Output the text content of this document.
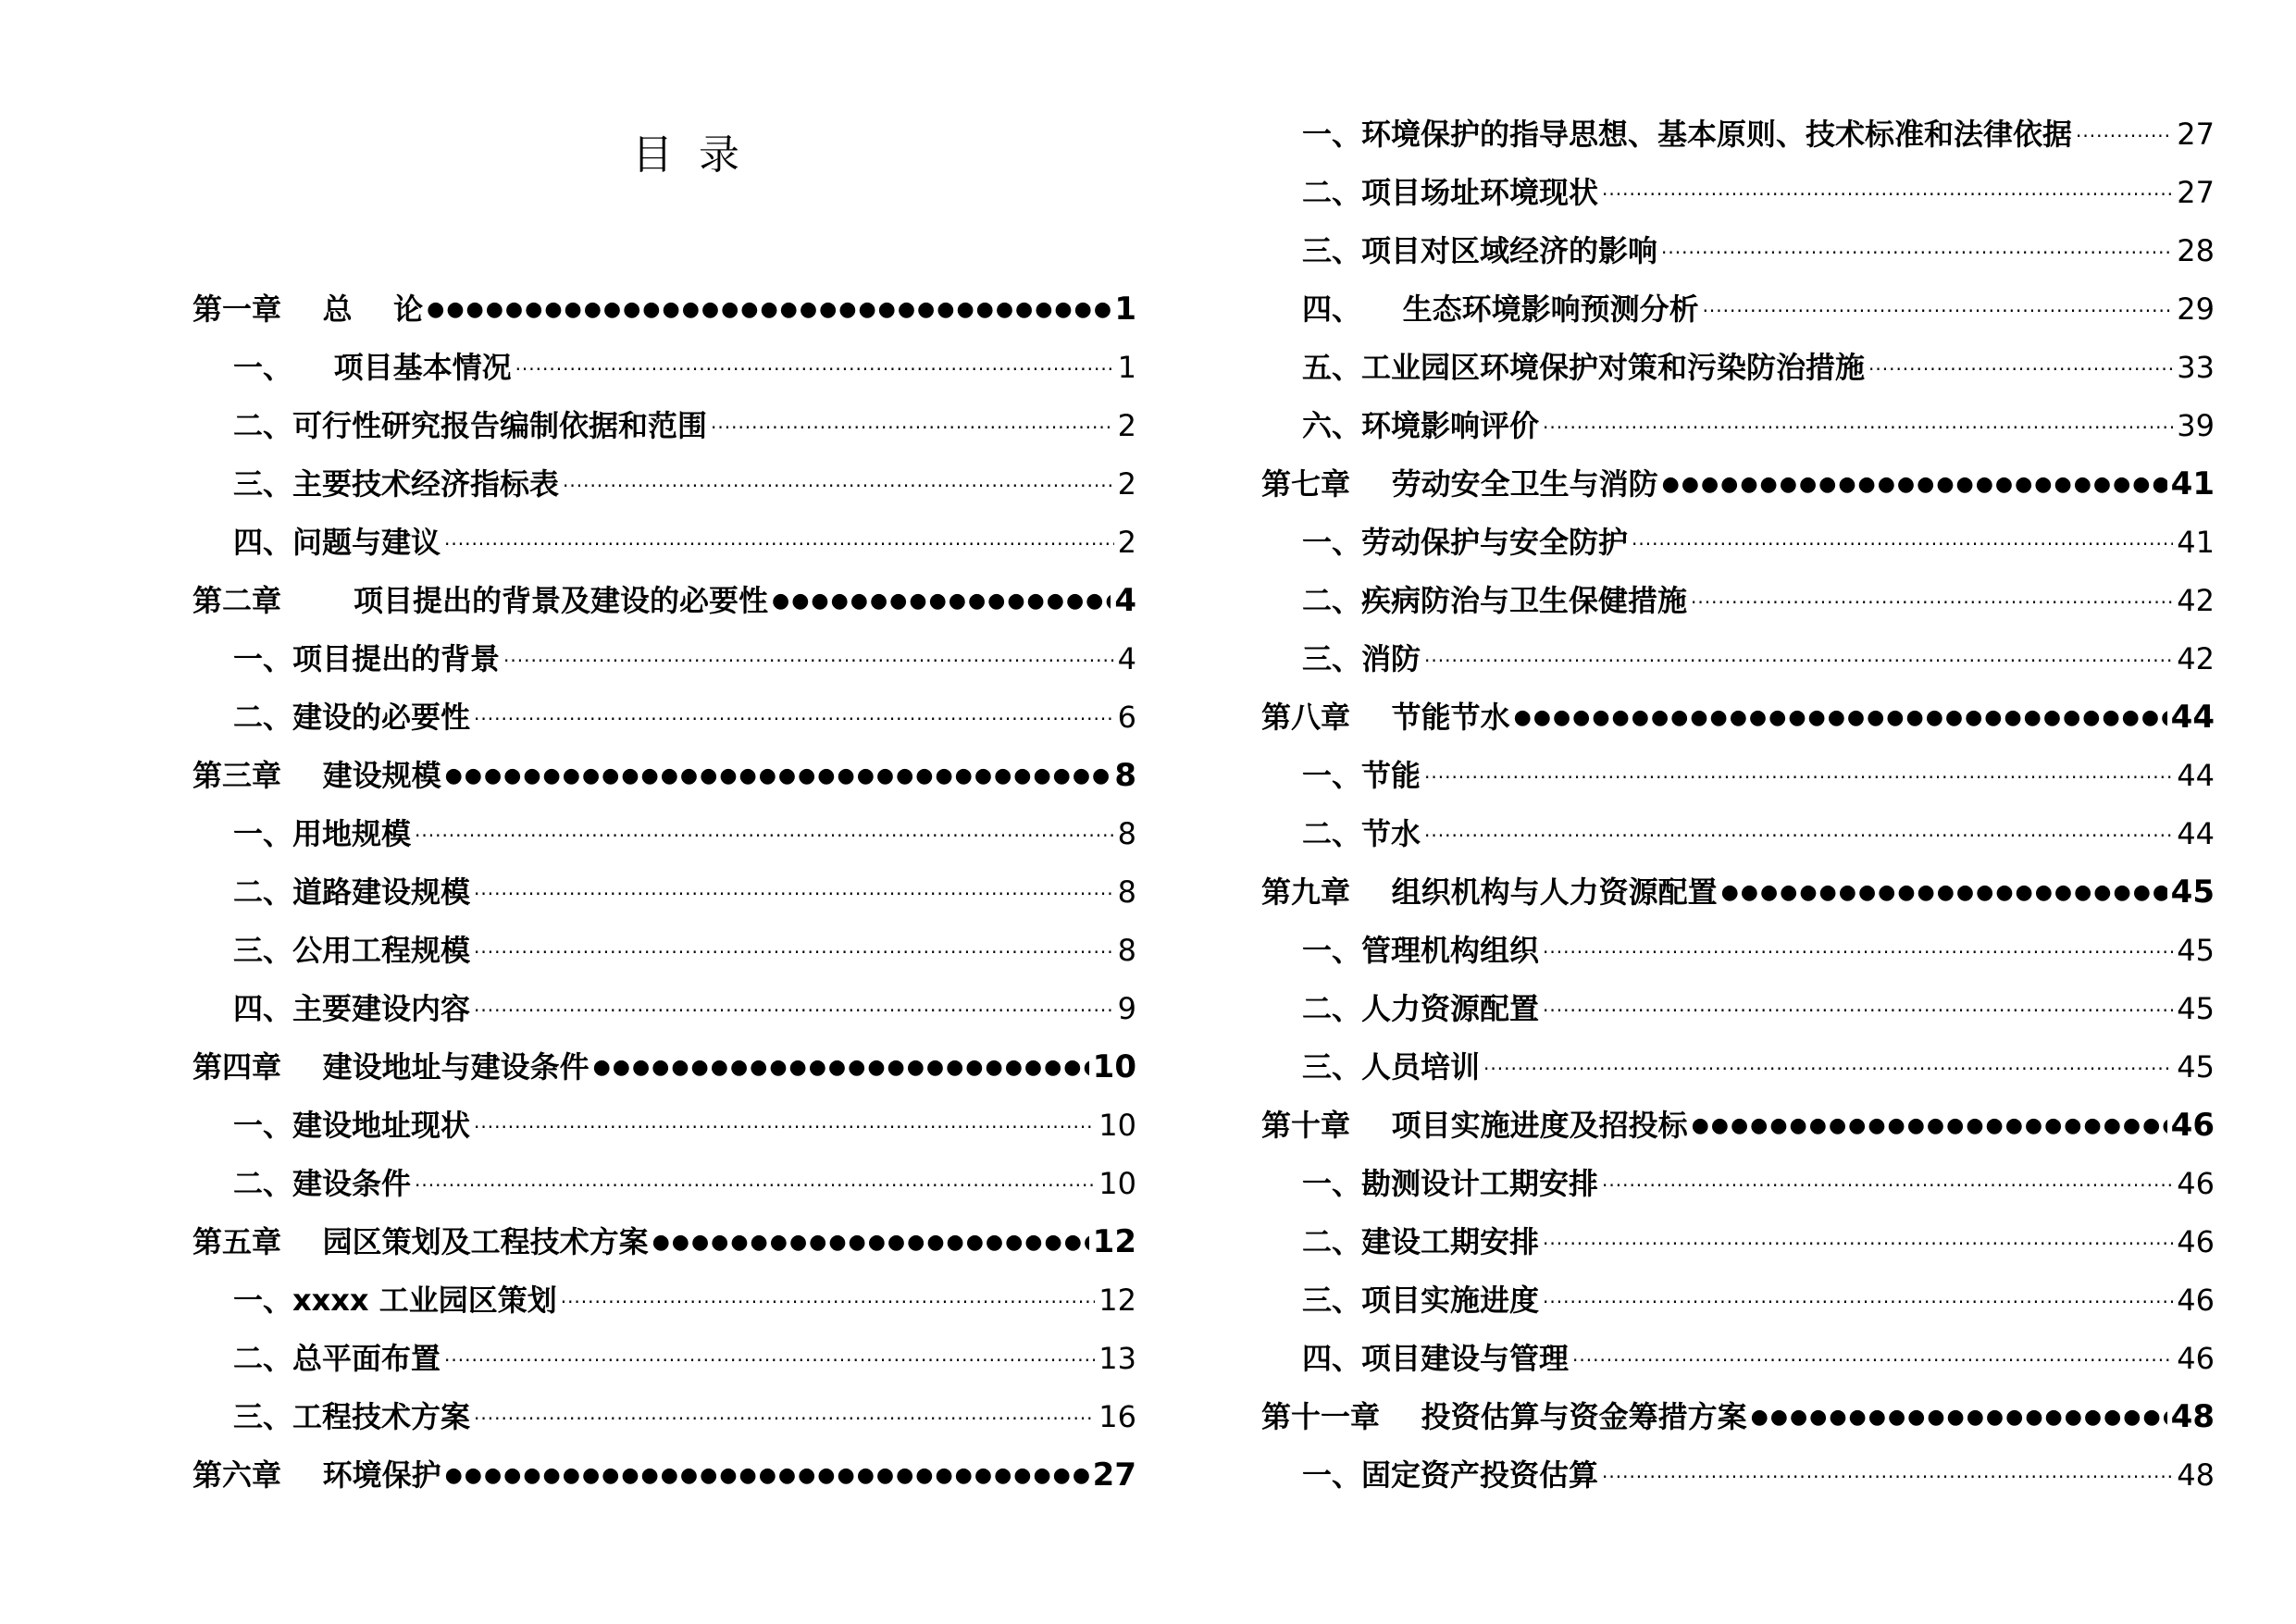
目录
第一章    总    论 ●●●●●●●●●●●●●●●●●●●●●●●●●●●●●●●●●●●●●●●●●●●●●●●●●●●●●●●●●●●●●●●●●●●●●●●●●●●●●●●●●●●●●●●●	1
一、    项目基本情况 ·····	1
二、可行性研究报告编制依据和范围 ·····	2
三、主要技术经济指标表 ·····	2
四、问题与建议 ·····	2
第二章       项目提出的背景及建设的必要性 ●●●●●●●●●●●●●●●●●●●●●●●●●●●●●●●●●●●●●●●●●●●●●●●●●●●●●●●●●●●●●●●●●●●●●●●●●●●●●●●●●●●●●●●●	4
一、项目提出的背景 ·····	4
二、建设的必要性 ·····	6
第三章    建设规模 ●●●●●●●●●●●●●●●●●●●●●●●●●●●●●●●●●●●●●●●●●●●●●●●●●●●●●●●●●●●●●●●●●●●●●●●●●●●●●●●●●●●●●●●●	8
一、用地规模 ·····	8
二、道路建设规模 ·····	8
三、公用工程规模 ·····	8
四、主要建设内容 ·····	9
第四章    建设地址与建设条件 ●●●●●●●●●●●●●●●●●●●●●●●●●●●●●●●●●●●●●●●●●●●●●●●●●●●●●●●●●●●●●●●●●●●●●●●●●●●●●●●●●●●●●●●●	10
一、建设地址现状 ·····	10
二、建设条件 ·····	10
第五章    园区策划及工程技术方案 ●●●●●●●●●●●●●●●●●●●●●●●●●●●●●●●●●●●●●●●●●●●●●●●●●●●●●●●●●●●●●●●●●●●●●●●●●●●●●●●●●●●●●●●●	12
一、xxxx 工业园区策划 ·····	12
二、总平面布置 ·····	13
三、工程技术方案 ·····	16
第六章    环境保护 ●●●●●●●●●●●●●●●●●●●●●●●●●●●●●●●●●●●●●●●●●●●●●●●●●●●●●●●●●●●●●●●●●●●●●●●●●●●●●●●●●●●●●●●●	27
一、环境保护的指导思想、基本原则、技术标准和法律依据 ·····	27
二、项目场址环境现状 ·····	27
三、项目对区域经济的影响 ·····	28
四、    生态环境影响预测分析 ·····	29
五、工业园区环境保护对策和污染防治措施 ·····	33
六、环境影响评价 ·····	39
第七章    劳动安全卫生与消防 ●●●●●●●●●●●●●●●●●●●●●●●●●●●●●●●●●●●●●●●●●●●●●●●●●●●●●●●●●●●●●●●●●●●●●●●●●●●●●●●●●●●●●●●●	41
一、劳动保护与安全防护 ·····	41
二、疾病防治与卫生保健措施 ·····	42
三、消防 ·····	42
第八章    节能节水 ●●●●●●●●●●●●●●●●●●●●●●●●●●●●●●●●●●●●●●●●●●●●●●●●●●●●●●●●●●●●●●●●●●●●●●●●●●●●●●●●●●●●●●●●	44
一、节能 ·····	44
二、节水 ·····	44
第九章    组织机构与人力资源配置 ●●●●●●●●●●●●●●●●●●●●●●●●●●●●●●●●●●●●●●●●●●●●●●●●●●●●●●●●●●●●●●●●●●●●●●●●●●●●●●●●●●●●●●●●	45
一、管理机构组织 ·····	45
二、人力资源配置 ·····	45
三、人员培训 ·····	45
第十章    项目实施进度及招投标 ●●●●●●●●●●●●●●●●●●●●●●●●●●●●●●●●●●●●●●●●●●●●●●●●●●●●●●●●●●●●●●●●●●●●●●●●●●●●●●●●●●●●●●●●	46
一、勘测设计工期安排 ·····	46
二、建设工期安排 ·····	46
三、项目实施进度 ·····	46
四、项目建设与管理 ·····	46
第十一章    投资估算与资金筹措方案 ●●●●●●●●●●●●●●●●●●●●●●●●●●●●●●●●●●●●●●●●●●●●●●●●●●●●●●●●●●●●●●●●●●●●●●●●●●●●●●●●●●●●●●●●	48
一、固定资产投资估算 ·····	48
